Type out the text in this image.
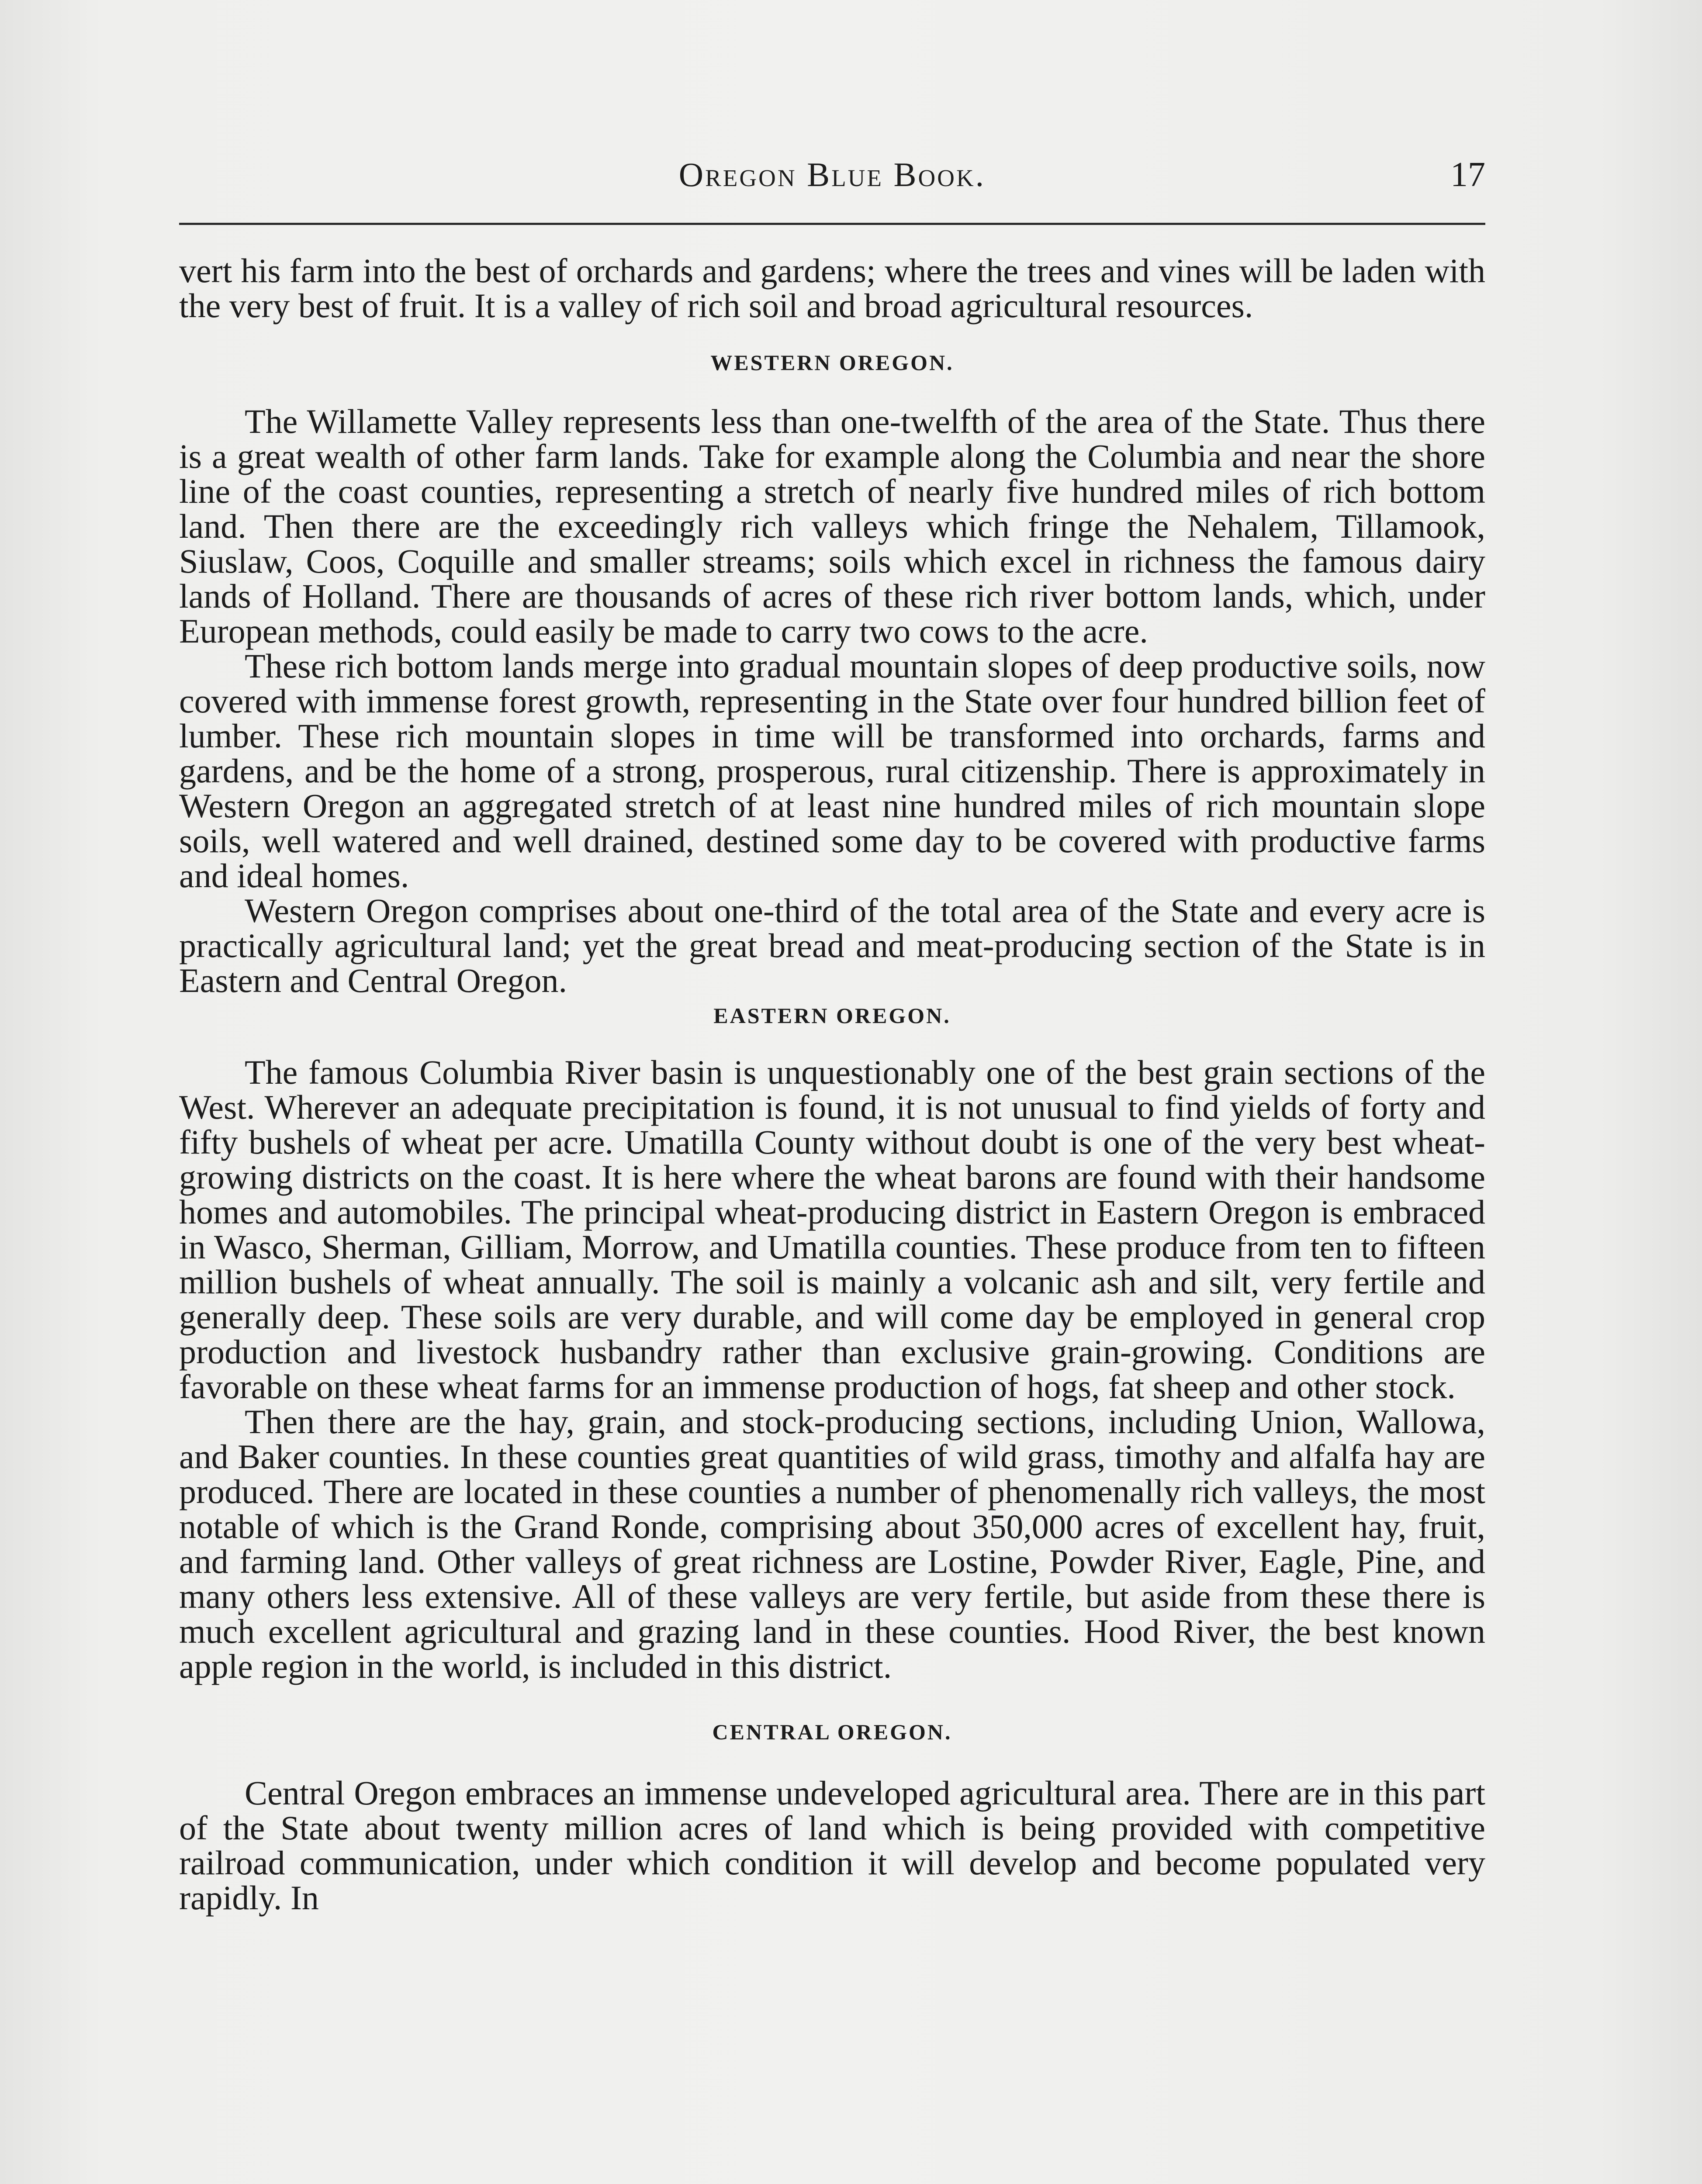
Oregon Blue Book.	17

vert his farm into the best of orchards and gardens; where the trees and vines will be laden with the very best of fruit. It is a valley of rich soil and broad agricultural resources.

WESTERN OREGON.

The Willamette Valley represents less than one-twelfth of the area of the State. Thus there is a great wealth of other farm lands. Take for example along the Columbia and near the shore line of the coast counties, representing a stretch of nearly five hundred miles of rich bottom land. Then there are the exceedingly rich valleys which fringe the Nehalem, Tillamook, Siuslaw, Coos, Coquille and smaller streams; soils which excel in richness the famous dairy lands of Holland. There are thousands of acres of these rich river bottom lands, which, under European methods, could easily be made to carry two cows to the acre.

These rich bottom lands merge into gradual mountain slopes of deep productive soils, now covered with immense forest growth, representing in the State over four hundred billion feet of lumber. These rich mountain slopes in time will be transformed into orchards, farms and gardens, and be the home of a strong, prosperous, rural citizenship. There is approximately in Western Oregon an aggregated stretch of at least nine hundred miles of rich mountain slope soils, well watered and well drained, destined some day to be covered with productive farms and ideal homes.

Western Oregon comprises about one-third of the total area of the State and every acre is practically agricultural land; yet the great bread and meat-producing section of the State is in Eastern and Central Oregon.

EASTERN OREGON.

The famous Columbia River basin is unquestionably one of the best grain sections of the West. Wherever an adequate precipitation is found, it is not unusual to find yields of forty and fifty bushels of wheat per acre. Umatilla County without doubt is one of the very best wheat-growing districts on the coast. It is here where the wheat barons are found with their handsome homes and automobiles. The principal wheat-producing district in Eastern Oregon is embraced in Wasco, Sherman, Gilliam, Morrow, and Umatilla counties. These produce from ten to fifteen million bushels of wheat annually. The soil is mainly a volcanic ash and silt, very fertile and generally deep. These soils are very durable, and will come day be employed in general crop production and livestock husbandry rather than exclusive grain-growing. Conditions are favorable on these wheat farms for an immense production of hogs, fat sheep and other stock.

Then there are the hay, grain, and stock-producing sections, including Union, Wallowa, and Baker counties. In these counties great quantities of wild grass, timothy and alfalfa hay are produced. There are located in these counties a number of phenomenally rich valleys, the most notable of which is the Grand Ronde, comprising about 350,000 acres of excellent hay, fruit, and farming land. Other valleys of great richness are Lostine, Powder River, Eagle, Pine, and many others less extensive. All of these valleys are very fertile, but aside from these there is much excellent agricultural and grazing land in these counties. Hood River, the best known apple region in the world, is included in this district.

CENTRAL OREGON.

Central Oregon embraces an immense undeveloped agricultural area. There are in this part of the State about twenty million acres of land which is being provided with competitive railroad communication, under which condition it will develop and become populated very rapidly. In
